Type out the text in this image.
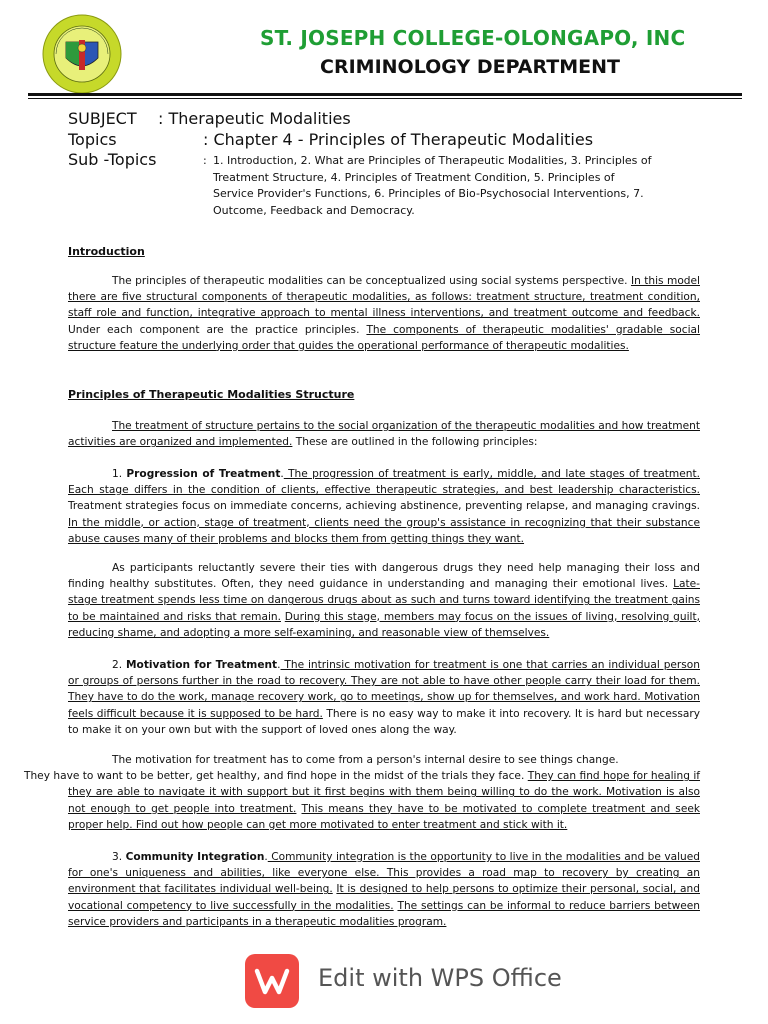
ST. JOSEPH COLLEGE-OLONGAPO, INC
CRIMINOLOGY DEPARTMENT
SUBJECT : Therapeutic Modalities
Topics	: Chapter 4 - Principles of Therapeutic Modalities
Sub -Topics	: 1. Introduction, 2. What are Principles of Therapeutic Modalities, 3. Principles of Treatment Structure, 4. Principles of Treatment Condition, 5. Principles of Service Provider's Functions, 6. Principles of Bio-Psychosocial Interventions, 7. Outcome, Feedback and Democracy.
Introduction
The principles of therapeutic modalities can be conceptualized using social systems perspective. In this model there are five structural components of therapeutic modalities, as follows: treatment structure, treatment condition, staff role and function, integrative approach to mental illness interventions, and treatment outcome and feedback. Under each component are the practice principles. The components of therapeutic modalities' gradable social structure feature the underlying order that guides the operational performance of therapeutic modalities.
Principles of Therapeutic Modalities Structure
The treatment of structure pertains to the social organization of the therapeutic modalities and how treatment activities are organized and implemented. These are outlined in the following principles:
1. Progression of Treatment. The progression of treatment is early, middle, and late stages of treatment. Each stage differs in the condition of clients, effective therapeutic strategies, and best leadership characteristics. Treatment strategies focus on immediate concerns, achieving abstinence, preventing relapse, and managing cravings. In the middle, or action, stage of treatment, clients need the group's assistance in recognizing that their substance abuse causes many of their problems and blocks them from getting things they want.
As participants reluctantly severe their ties with dangerous drugs they need help managing their loss and finding healthy substitutes. Often, they need guidance in understanding and managing their emotional lives. Late-stage treatment spends less time on dangerous drugs about as such and turns toward identifying the treatment gains to be maintained and risks that remain. During this stage, members may focus on the issues of living, resolving guilt, reducing shame, and adopting a more self-examining, and reasonable view of themselves.
2. Motivation for Treatment. The intrinsic motivation for treatment is one that carries an individual person or groups of persons further in the road to recovery. They are not able to have other people carry their load for them. They have to do the work, manage recovery work, go to meetings, show up for themselves, and work hard. Motivation feels difficult because it is supposed to be hard. There is no easy way to make it into recovery. It is hard but necessary to make it on your own but with the support of loved ones along the way.
The motivation for treatment has to come from a person's internal desire to see things change.
They have to want to be better, get healthy, and find hope in the midst of the trials they face. They can find hope for healing if they are able to navigate it with support but it first begins with them being willing to do the work. Motivation is also not enough to get people into treatment. This means they have to be motivated to complete treatment and seek proper help. Find out how people can get more motivated to enter treatment and stick with it.
3. Community Integration. Community integration is the opportunity to live in the modalities and be valued for one's uniqueness and abilities, like everyone else. This provides a road map to recovery by creating an environment that facilitates individual well-being. It is designed to help persons to optimize their personal, social, and vocational competency to live successfully in the modalities. The settings can be informal to reduce barriers between service providers and participants in a therapeutic modalities program.
Edit with WPS Office
